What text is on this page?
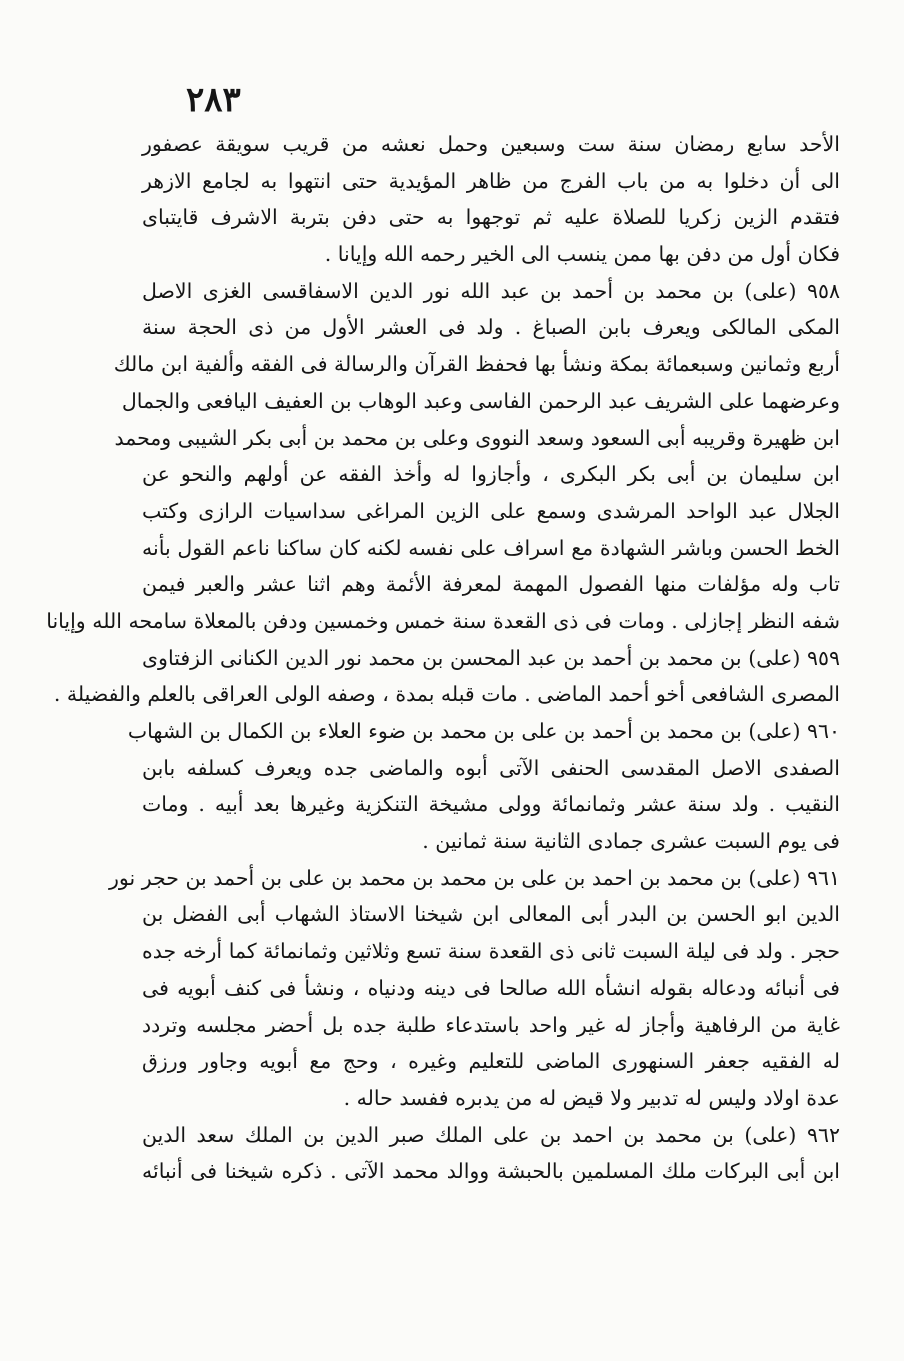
٢٨٣
الأحد سابع رمضان سنة ست وسبعين وحمل نعشه من قريب سويقة عصفور
الى أن دخلوا به من باب الفرج من ظاهر المؤيدية حتى انتهوا به لجامع الازهر
فتقدم الزين زكريا للصلاة عليه ثم توجهوا به حتى دفن بتربة الاشرف قايتباى
فكان أول من دفن بها ممن ينسب الى الخير رحمه الله وإيانا .
٩٥٨ (على) بن محمد بن أحمد بن عبد الله نور الدين الاسفاقسى الغزى الاصل
المكى المالكى ويعرف بابن الصباغ . ولد فى العشر الأول من ذى الحجة سنة
أربع وثمانين وسبعمائة بمكة ونشأ بها فحفظ القرآن والرسالة فى الفقه وألفية ابن مالك
وعرضهما على الشريف عبد الرحمن الفاسى وعبد الوهاب بن العفيف اليافعى والجمال
ابن ظهيرة وقريبه أبى السعود وسعد النووى وعلى بن محمد بن أبى بكر الشيبى ومحمد
ابن سليمان بن أبى بكر البكرى ، وأجازوا له وأخذ الفقه عن أولهم والنحو عن
الجلال عبد الواحد المرشدى وسمع على الزين المراغى سداسيات الرازى وكتب
الخط الحسن وباشر الشهادة مع اسراف على نفسه لكنه كان ساكنا ناعم القول بأنه
تاب وله مؤلفات منها الفصول المهمة لمعرفة الأئمة وهم اثنا عشر والعبر فيمن
شفه النظر إجازلى . ومات فى ذى القعدة سنة خمس وخمسين ودفن بالمعلاة سامحه الله وإيانا
٩٥٩ (على) بن محمد بن أحمد بن عبد المحسن بن محمد نور الدين الكنانى الزفتاوى
المصرى الشافعى أخو أحمد الماضى . مات قبله بمدة ، وصفه الولى العراقى بالعلم والفضيلة .
٩٦٠ (على) بن محمد بن أحمد بن على بن محمد بن ضوء العلاء بن الكمال بن الشهاب
الصفدى الاصل المقدسى الحنفى الآتى أبوه والماضى جده ويعرف كسلفه بابن
النقيب . ولد سنة عشر وثمانمائة وولى مشيخة التنكزية وغيرها بعد أبيه . ومات
فى يوم السبت عشرى جمادى الثانية سنة ثمانين .
٩٦١ (على) بن محمد بن احمد بن على بن محمد بن محمد بن على بن أحمد بن حجر نور
الدين ابو الحسن بن البدر أبى المعالى ابن شيخنا الاستاذ الشهاب أبى الفضل بن
حجر . ولد فى ليلة السبت ثانى ذى القعدة سنة تسع وثلاثين وثمانمائة كما أرخه جده
فى أنبائه ودعاله بقوله انشأه الله صالحا فى دينه ودنياه ، ونشأ فى كنف أبويه فى
غاية من الرفاهية وأجاز له غير واحد باستدعاء طلبة جده بل أحضر مجلسه وتردد
له الفقيه جعفر السنهورى الماضى للتعليم وغيره ، وحج مع أبويه وجاور ورزق
عدة اولاد وليس له تدبير ولا قيض له من يدبره ففسد حاله .
٩٦٢ (على) بن محمد بن احمد بن على الملك صبر الدين بن الملك سعد الدين
ابن أبى البركات ملك المسلمين بالحبشة ووالد محمد الآتى . ذكره شيخنا فى أنبائه
